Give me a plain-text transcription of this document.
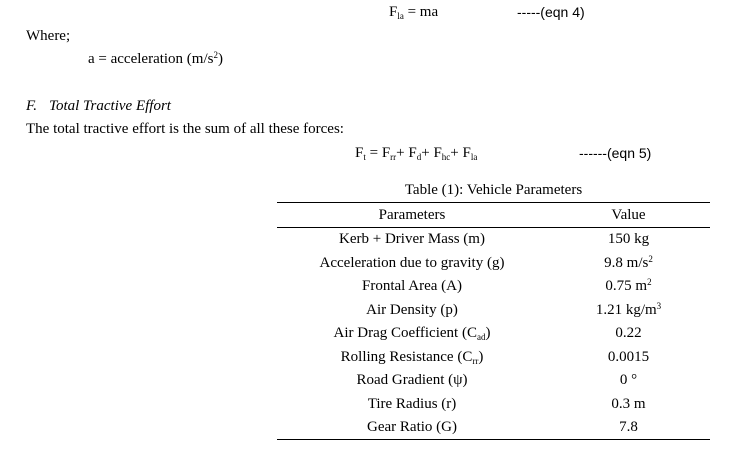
$F_{la}$ = ma	-----(eqn 4)
Where;
a = acceleration $(m/s^2)$
F. Total Tractive Effort
The total tractive effort is the sum of all these forces:
$F_t = F_{rr}+ F_d+ F_{hc}+ F_{la}$	------(eqn 5)
Table (1): Vehicle Parameters
Parameters	Value
Kerb + Driver Mass (m)	150 kg
Acceleration due to gravity (g)	9.8 $m/s^2$
Frontal Area (A)	0.75 $m^2$
Air Density (p)	1.21 $kg/m^3$
Air Drag Coefficient $(C_{ad})$	0.22
Rolling Resistance $(C_{rr})$	0.0015
Road Gradient (ψ)	0 °
Tire Radius (r)	0.3 m
Gear Ratio (G)	7.8
